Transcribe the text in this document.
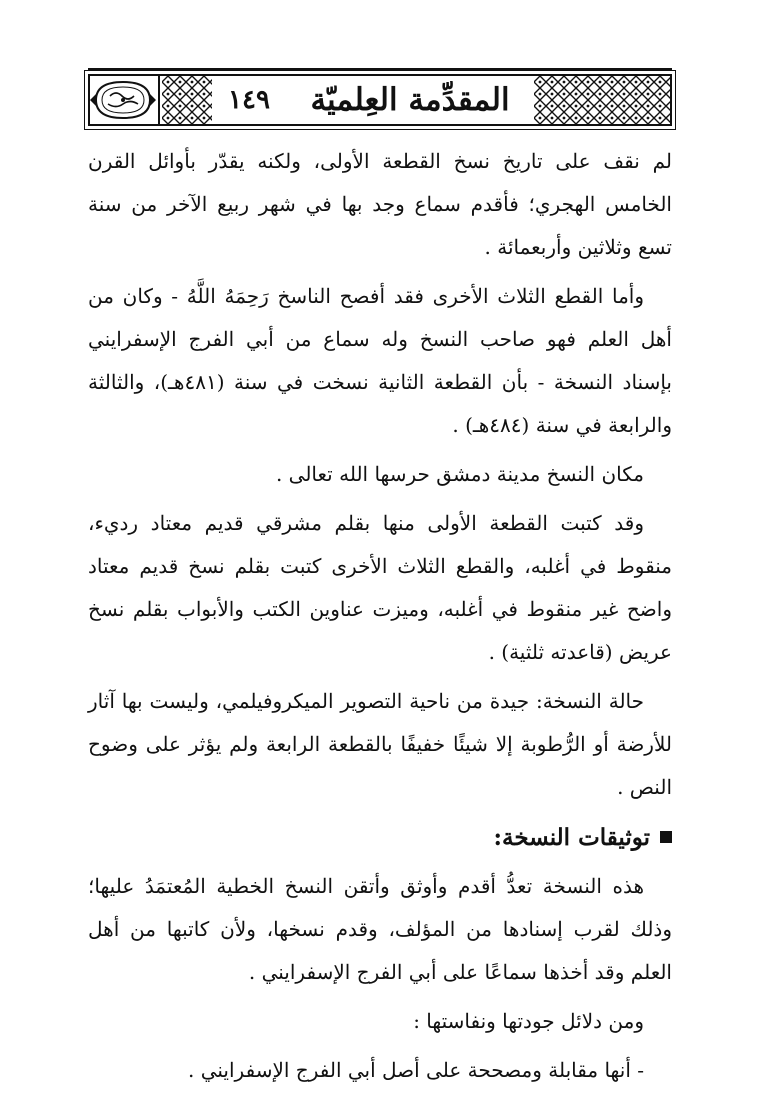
١٤٩	المقدِّمة العِلميّة

لم نقف على تاريخ نسخ القطعة الأولى، ولكنه يقدّر بأوائل القرن الخامس الهجري؛ فأقدم سماع وجد بها في شهر ربيع الآخر من سنة تسع وثلاثين وأربعمائة .

وأما القطع الثلاث الأخرى فقد أفصح الناسخ رَحِمَهُ اللَّهُ - وكان من أهل العلم فهو صاحب النسخ وله سماع من أبي الفرج الإسفرايني بإسناد النسخة - بأن القطعة الثانية نسخت في سنة (٤٨١هـ)، والثالثة والرابعة في سنة (٤٨٤هـ) .

مكان النسخ مدينة دمشق حرسها الله تعالى .

وقد كتبت القطعة الأولى منها بقلم مشرقي قديم معتاد رديء، منقوط في أغلبه، والقطع الثلاث الأخرى كتبت بقلم نسخ قديم معتاد واضح غير منقوط في أغلبه، وميزت عناوين الكتب والأبواب بقلم نسخ عريض (قاعدته ثلثية) .

حالة النسخة: جيدة من ناحية التصوير الميكروفيلمي، وليست بها آثار للأرضة أو الرُّطوبة إلا شيئًا خفيفًا بالقطعة الرابعة ولم يؤثر على وضوح النص .

توثيقات النسخة:

هذه النسخة تعدُّ أقدم وأوثق وأتقن النسخ الخطية المُعتمَدُ عليها؛ وذلك لقرب إسنادها من المؤلف، وقدم نسخها، ولأن كاتبها من أهل العلم وقد أخذها سماعًا على أبي الفرج الإسفرايني .

ومن دلائل جودتها ونفاستها :

- أنها مقابلة ومصححة على أصل أبي الفرج الإسفرايني .
